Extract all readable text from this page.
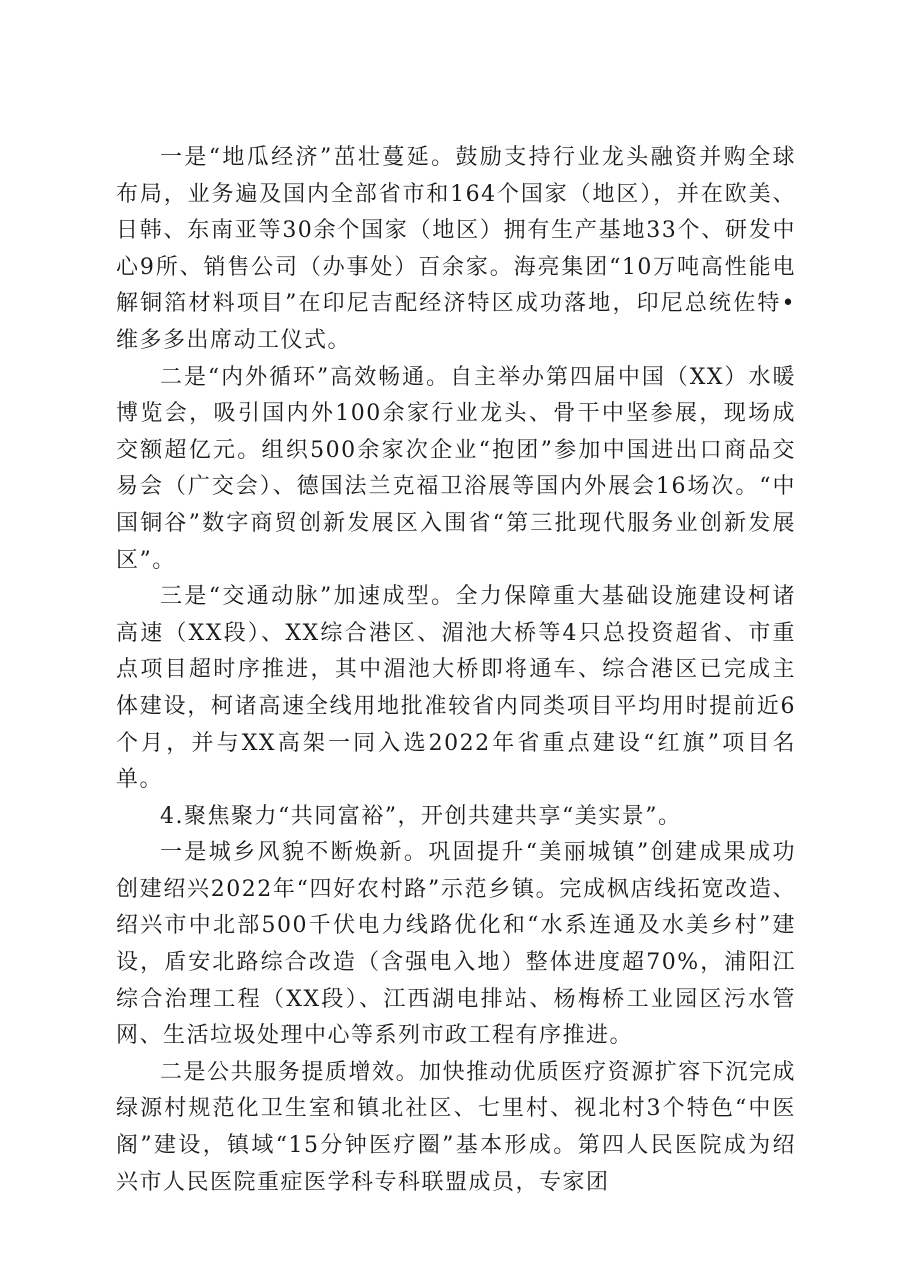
一是“地瓜经济”茁壮蔓延。鼓励支持行业龙头融资并购全球布局，业务遍及国内全部省市和164个国家（地区），并在欧美、日韩、东南亚等30余个国家（地区）拥有生产基地33个、研发中心9所、销售公司（办事处）百余家。海亮集团“10万吨高性能电解铜箔材料项目”在印尼吉配经济特区成功落地，印尼总统佐特•维多多出席动工仪式。

二是“内外循环”高效畅通。自主举办第四届中国（XX）水暖博览会，吸引国内外100余家行业龙头、骨干中坚参展，现场成交额超亿元。组织500余家次企业“抱团”参加中国进出口商品交易会（广交会）、德国法兰克福卫浴展等国内外展会16场次。“中国铜谷”数字商贸创新发展区入围省“第三批现代服务业创新发展区”。

三是“交通动脉”加速成型。全力保障重大基础设施建设柯诸高速（XX段）、XX综合港区、湄池大桥等4只总投资超省、市重点项目超时序推进，其中湄池大桥即将通车、综合港区已完成主体建设，柯诸高速全线用地批准较省内同类项目平均用时提前近6个月，并与XX高架一同入选2022年省重点建设“红旗”项目名单。

4.聚焦聚力“共同富裕”，开创共建共享“美实景”。

一是城乡风貌不断焕新。巩固提升“美丽城镇”创建成果成功创建绍兴2022年“四好农村路”示范乡镇。完成枫店线拓宽改造、绍兴市中北部500千伏电力线路优化和“水系连通及水美乡村”建设，盾安北路综合改造（含强电入地）整体进度超70%，浦阳江综合治理工程（XX段）、江西湖电排站、杨梅桥工业园区污水管网、生活垃圾处理中心等系列市政工程有序推进。

二是公共服务提质增效。加快推动优质医疗资源扩容下沉完成绿源村规范化卫生室和镇北社区、七里村、视北村3个特色“中医阁”建设，镇域“15分钟医疗圈”基本形成。第四人民医院成为绍兴市人民医院重症医学科专科联盟成员，专家团
